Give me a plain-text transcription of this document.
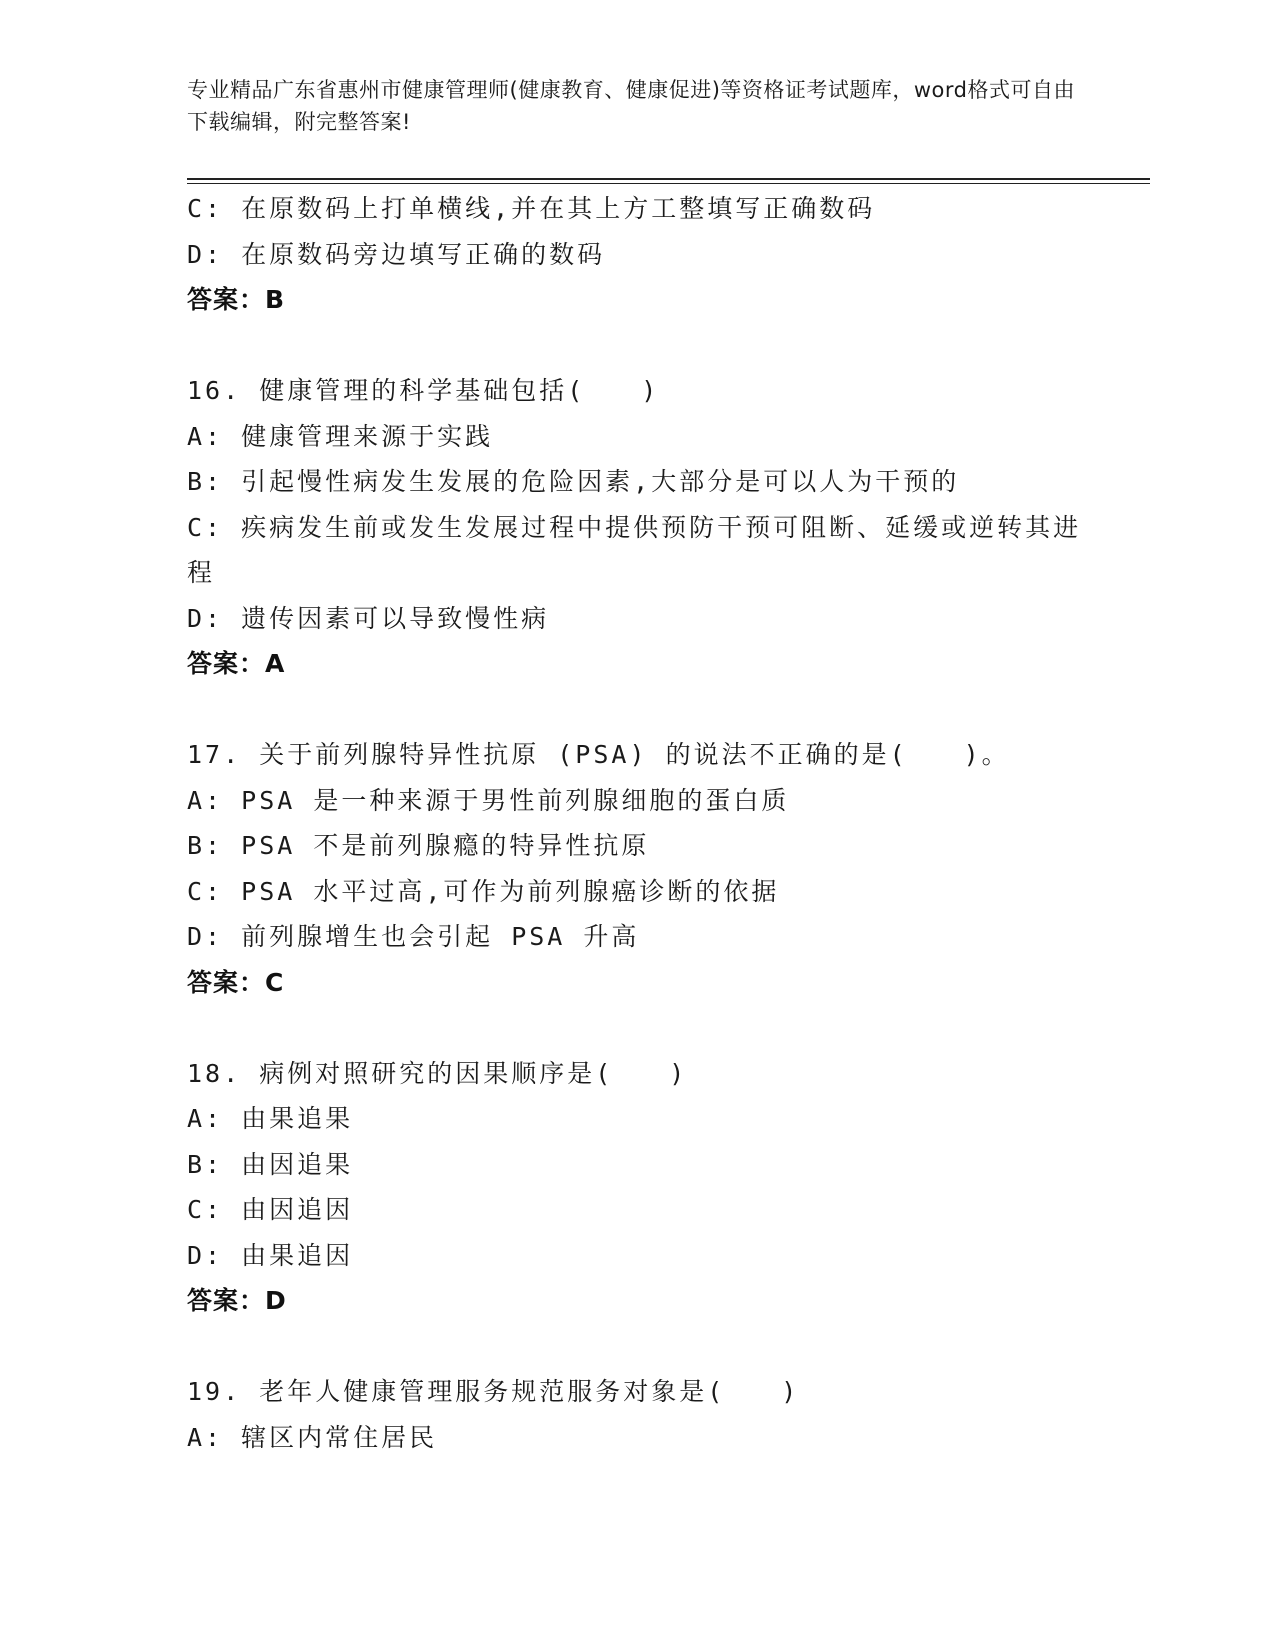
专业精品广东省惠州市健康管理师(健康教育、健康促进)等资格证考试题库，word格式可自由下载编辑，附完整答案!
C: 在原数码上打单横线,并在其上方工整填写正确数码
D: 在原数码旁边填写正确的数码
答案：B
16. 健康管理的科学基础包括(　　)
A: 健康管理来源于实践
B: 引起慢性病发生发展的危险因素,大部分是可以人为干预的
C: 疾病发生前或发生发展过程中提供预防干预可阻断、延缓或逆转其进程
D: 遗传因素可以导致慢性病
答案：A
17. 关于前列腺特异性抗原 (PSA) 的说法不正确的是(　　)。
A: PSA 是一种来源于男性前列腺细胞的蛋白质
B: PSA 不是前列腺瘾的特异性抗原
C: PSA 水平过高,可作为前列腺癌诊断的依据
D: 前列腺增生也会引起 PSA 升高
答案：C
18. 病例对照研究的因果顺序是(　　)
A: 由果追果
B: 由因追果
C: 由因追因
D: 由果追因
答案：D
19. 老年人健康管理服务规范服务对象是(　　)
A: 辖区内常住居民
